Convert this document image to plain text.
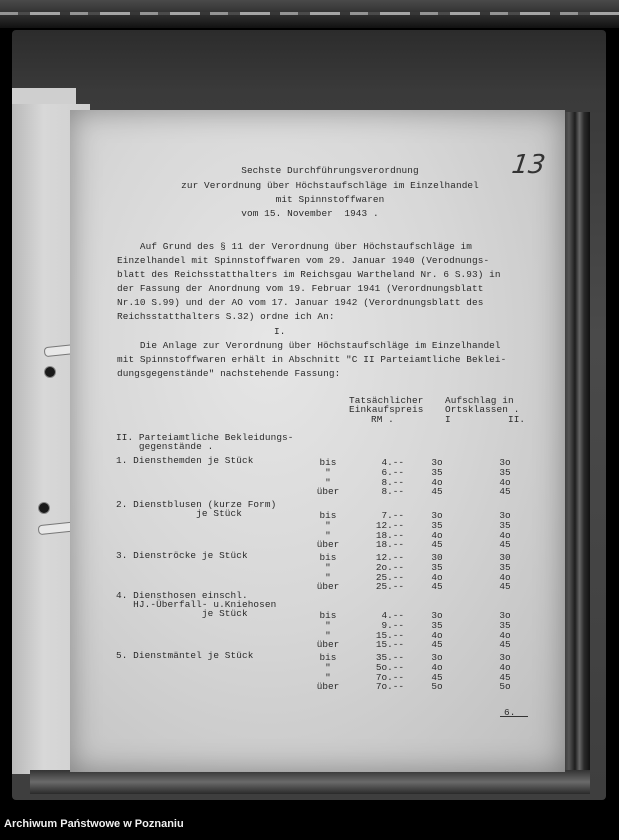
13
Sechste Durchführungsverordnung
zur Verordnung über Höchstaufschläge im Einzelhandel
mit Spinnstoffwaren
vom 15. November  1943 .
Auf Grund des § 11 der Verordnung über Höchstaufschläge im
Einzelhandel mit Spinnstoffwaren vom 29. Januar 1940 (Verodnungs-
blatt des Reichsstatthalters im Reichsgau Wartheland Nr. 6 S.93) in
der Fassung der Anordnung vom 19. Februar 1941 (Verordnungsblatt
Nr.10 S.99) und der AO vom 17. Januar 1942 (Verordnungsblatt des
Reichsstatthalters S.32) ordne ich An:
I.
Die Anlage zur Verordnung über Höchstaufschläge im Einzelhandel
mit Spinnstoffwaren erhält in Abschnitt "C II Parteiamtliche Beklei-
dungsgegenstände" nachstehende Fassung:
Tatsächlicher
Einkaufspreis
RM .
Aufschlag in
Ortsklassen .
I          II.
II. Parteiamtliche Bekleidungs-
gegenstände .
1. Diensthemden je Stück	bis	4.--	3o	3o
"	6.--	35	35
"	8.--	4o	4o
über	8.--	45	45
2. Dienstblusen (kurze Form)
je Stück	bis	7.--	3o	3o
"	12.--	35	35
"	18.--	4o	4o
über	18.--	45	45
3. Dienströcke je Stück	bis	12.--	30	30
"	2o.--	35	35
"	25.--	4o	4o
über	25.--	45	45
4. Diensthosen einschl.
HJ.-Überfall- u.Kniehosen
je Stück	bis	4.--	3o	3o
"	9.--	35	35
"	15.--	4o	4o
über	15.--	45	45
5. Dienstmäntel je Stück	bis	35.--	3o	3o
"	5o.--	4o	4o
"	7o.--	45	45
über	7o.--	5o	5o
6.
Archiwum Państwowe w Poznaniu
